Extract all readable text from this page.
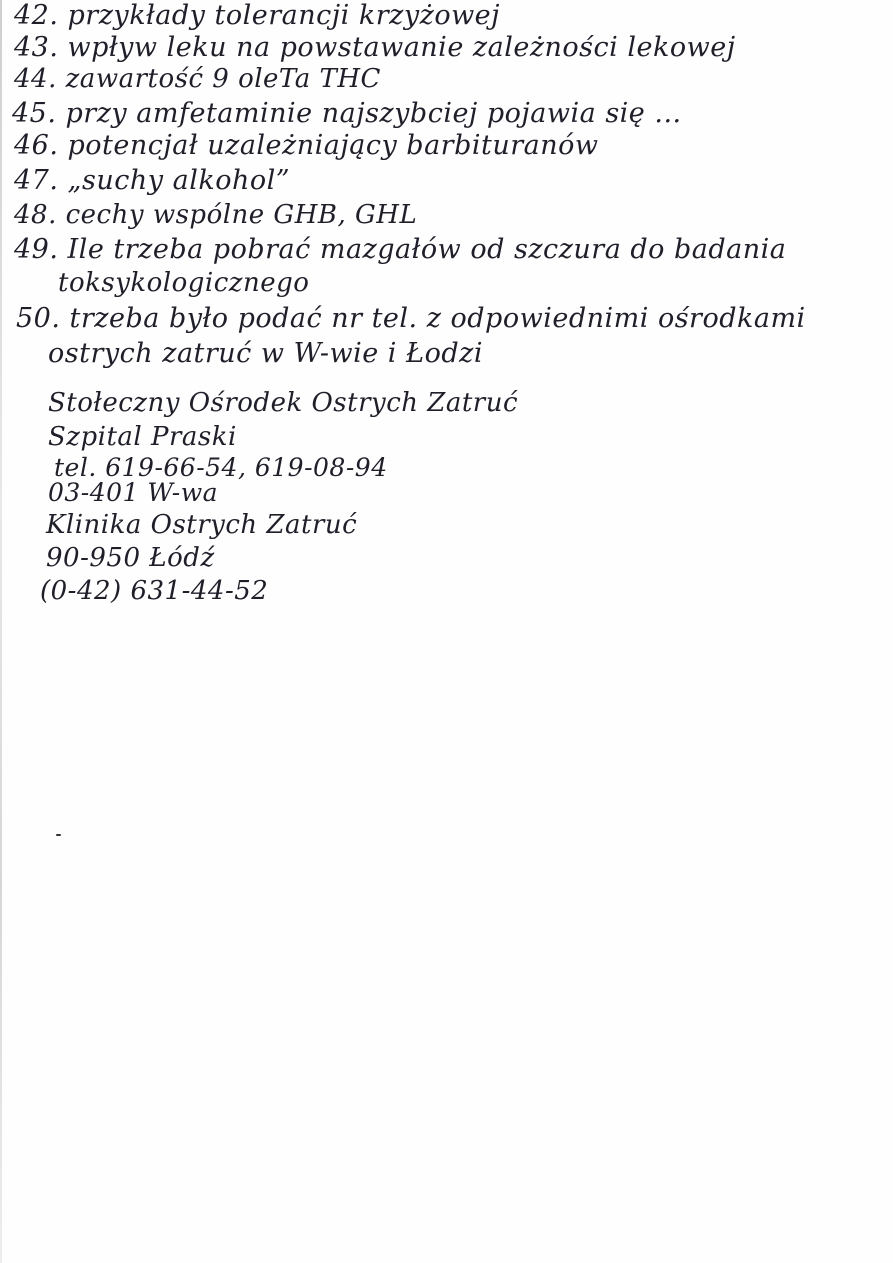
42. przykłady tolerancji krzyżowej
43. wpływ leku na powstawanie zależności lekowej
44. zawartość 9 oleTa THC
45. przy amfetaminie najszybciej pojawia się ...
46. potencjał uzależniający barbituranów
47. „suchy alkohol”
48. cechy wspólne GHB, GHL
49. Ile trzeba pobrać mazgałów od szczura do badania
toksykologicznego
50. trzeba było podać nr tel. z odpowiednimi ośrodkami
ostrych zatruć w W-wie i Łodzi
Stołeczny Ośrodek Ostrych Zatruć
Szpital Praski
tel. 619-66-54, 619-08-94
03-401 W-wa
Klinika Ostrych Zatruć
90-950 Łódź
(0-42) 631-44-52
